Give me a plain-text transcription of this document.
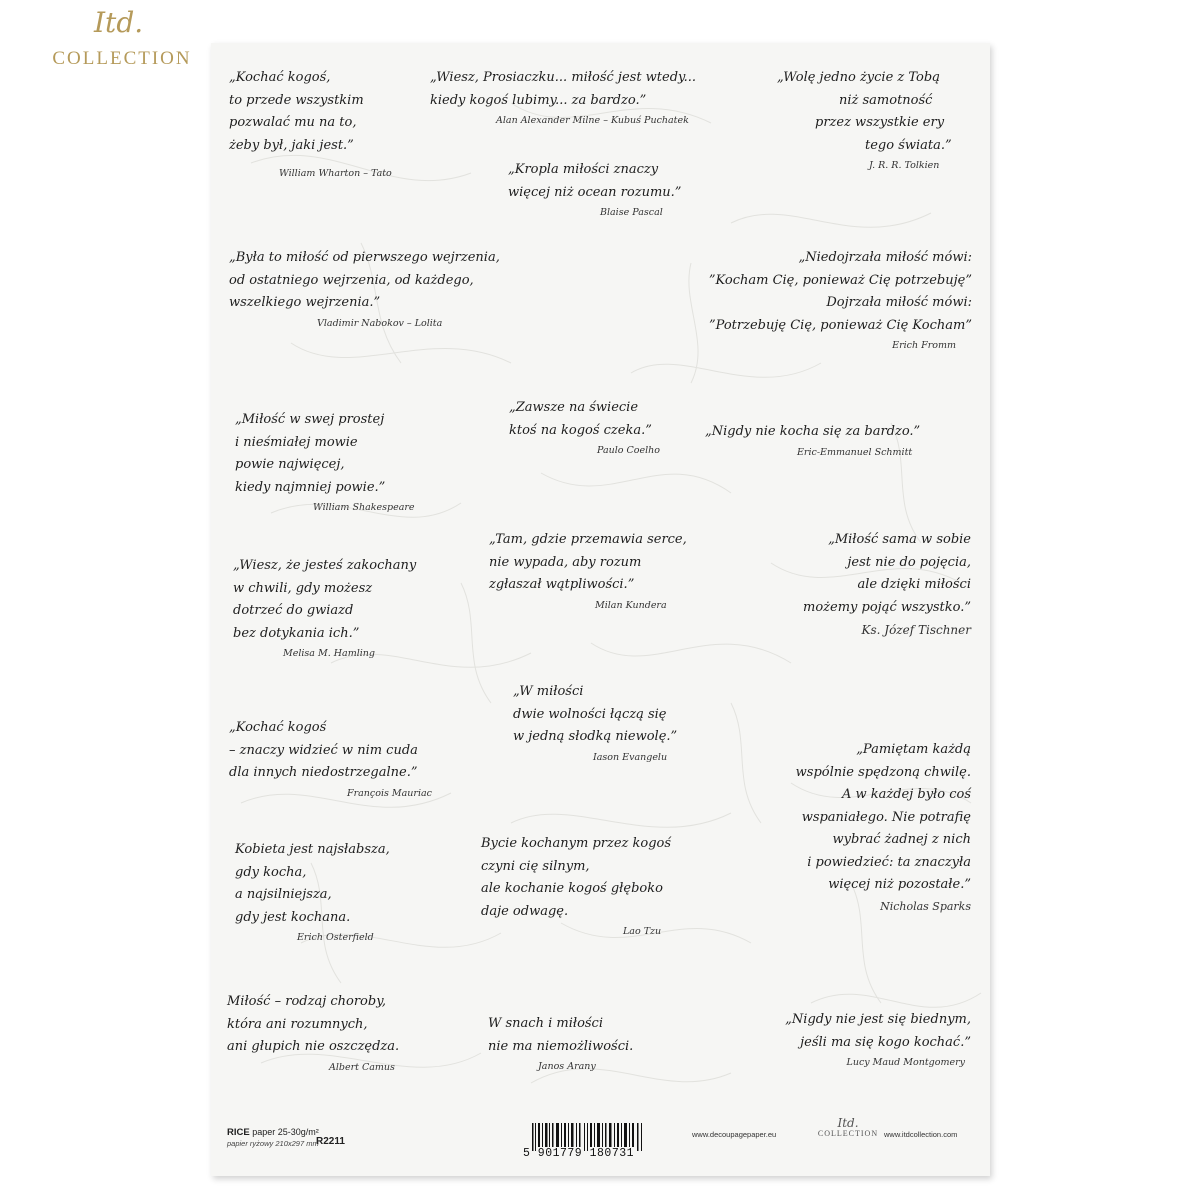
Itd.
COLLECTION
„Kochać kogoś,
to przede wszystkim
pozwalać mu na to,
żeby był, jaki jest.”
William Wharton – Tato
„Wiesz, Prosiaczku... miłość jest wtedy...
kiedy kogoś lubimy... za bardzo.”
Alan Alexander Milne – Kubuś Puchatek
„Wolę jedno życie z Tobą
niż samotność
przez wszystkie ery
tego świata.”
J. R. R. Tolkien
„Kropla miłości znaczy
więcej niż ocean rozumu.”
Blaise Pascal
„Była to miłość od pierwszego wejrzenia,
od ostatniego wejrzenia, od każdego,
wszelkiego wejrzenia.”
Vladimir Nabokov – Lolita
„Niedojrzała miłość mówi:
”Kocham Cię, ponieważ Cię potrzebuję”
Dojrzała miłość mówi:
”Potrzebuję Cię, ponieważ Cię Kocham”
Erich Fromm
„Miłość w swej prostej
i nieśmiałej mowie
powie najwięcej,
kiedy najmniej powie.”
William Shakespeare
„Zawsze na świecie
ktoś na kogoś czeka.”
Paulo Coelho
„Nigdy nie kocha się za bardzo.”
Eric-Emmanuel Schmitt
„Tam, gdzie przemawia serce,
nie wypada, aby rozum
zgłaszał wątpliwości.”
Milan Kundera
„Miłość sama w sobie
jest nie do pojęcia,
ale dzięki miłości
możemy pojąć wszystko.”
Ks. Józef Tischner
„Wiesz, że jesteś zakochany
w chwili, gdy możesz
dotrzeć do gwiazd
bez dotykania ich.”
Melisa M. Hamling
„W miłości
dwie wolności łączą się
w jedną słodką niewolę.”
Iason Evangelu
„Kochać kogoś
– znaczy widzieć w nim cuda
dla innych niedostrzegalne.”
François Mauriac
„Pamiętam każdą
wspólnie spędzoną chwilę.
A w każdej było coś
wspaniałego. Nie potrafię
wybrać żadnej z nich
i powiedzieć: ta znaczyła
więcej niż pozostałe.”
Nicholas Sparks
Kobieta jest najsłabsza,
gdy kocha,
a najsilniejsza,
gdy jest kochana.
Erich Osterfield
Bycie kochanym przez kogoś
czyni cię silnym,
ale kochanie kogoś głęboko
daje odwagę.
Lao Tzu
Miłość – rodzaj choroby,
która ani rozumnych,
ani głupich nie oszczędza.
Albert Camus
W snach i miłości
nie ma niemożliwości.
Janos Arany
„Nigdy nie jest się biednym,
jeśli ma się kogo kochać.”
Lucy Maud Montgomery
RICE paper 25-30g/m²
papier ryżowy 210x297 mm
R2211
5 901779 180731
www.decoupagepaper.eu
Itd.
COLLECTION www.itdcollection.com
